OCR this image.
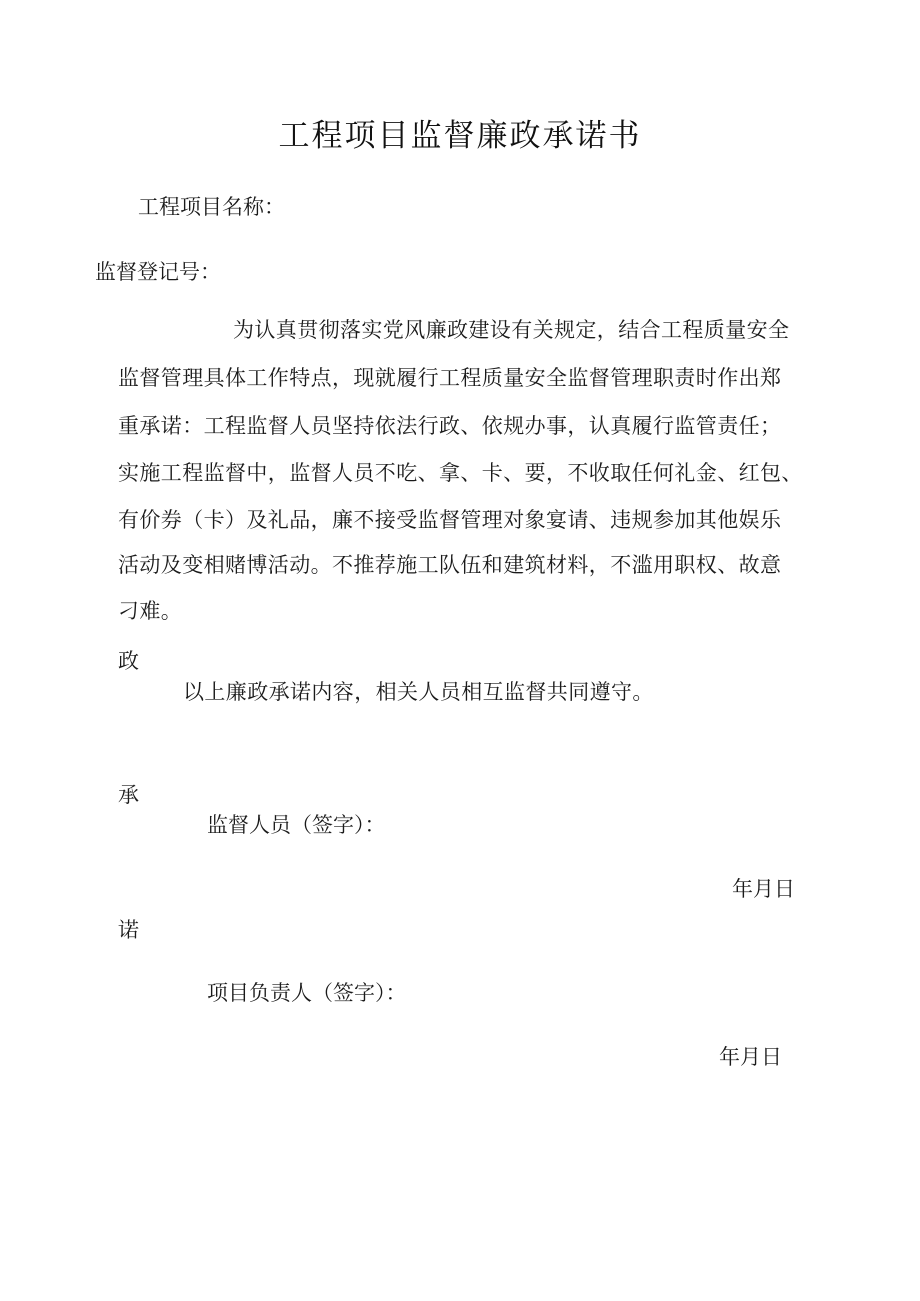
工程项目监督廉政承诺书
工程项目名称：
监督登记号：
为认真贯彻落实党风廉政建设有关规定，结合工程质量安全
监督管理具体工作特点，现就履行工程质量安全监督管理职责时作出郑
重承诺：工程监督人员坚持依法行政、依规办事，认真履行监管责任；
实施工程监督中，监督人员不吃、拿、卡、要，不收取任何礼金、红包、
有价券（卡）及礼品，廉不接受监督管理对象宴请、违规参加其他娱乐
活动及变相赌博活动。不推荐施工队伍和建筑材料，不滥用职权、故意
刁难。
政
以上廉政承诺内容，相关人员相互监督共同遵守。
承
监督人员（签字）：
年月日
诺
项目负责人（签字）：
年月日
